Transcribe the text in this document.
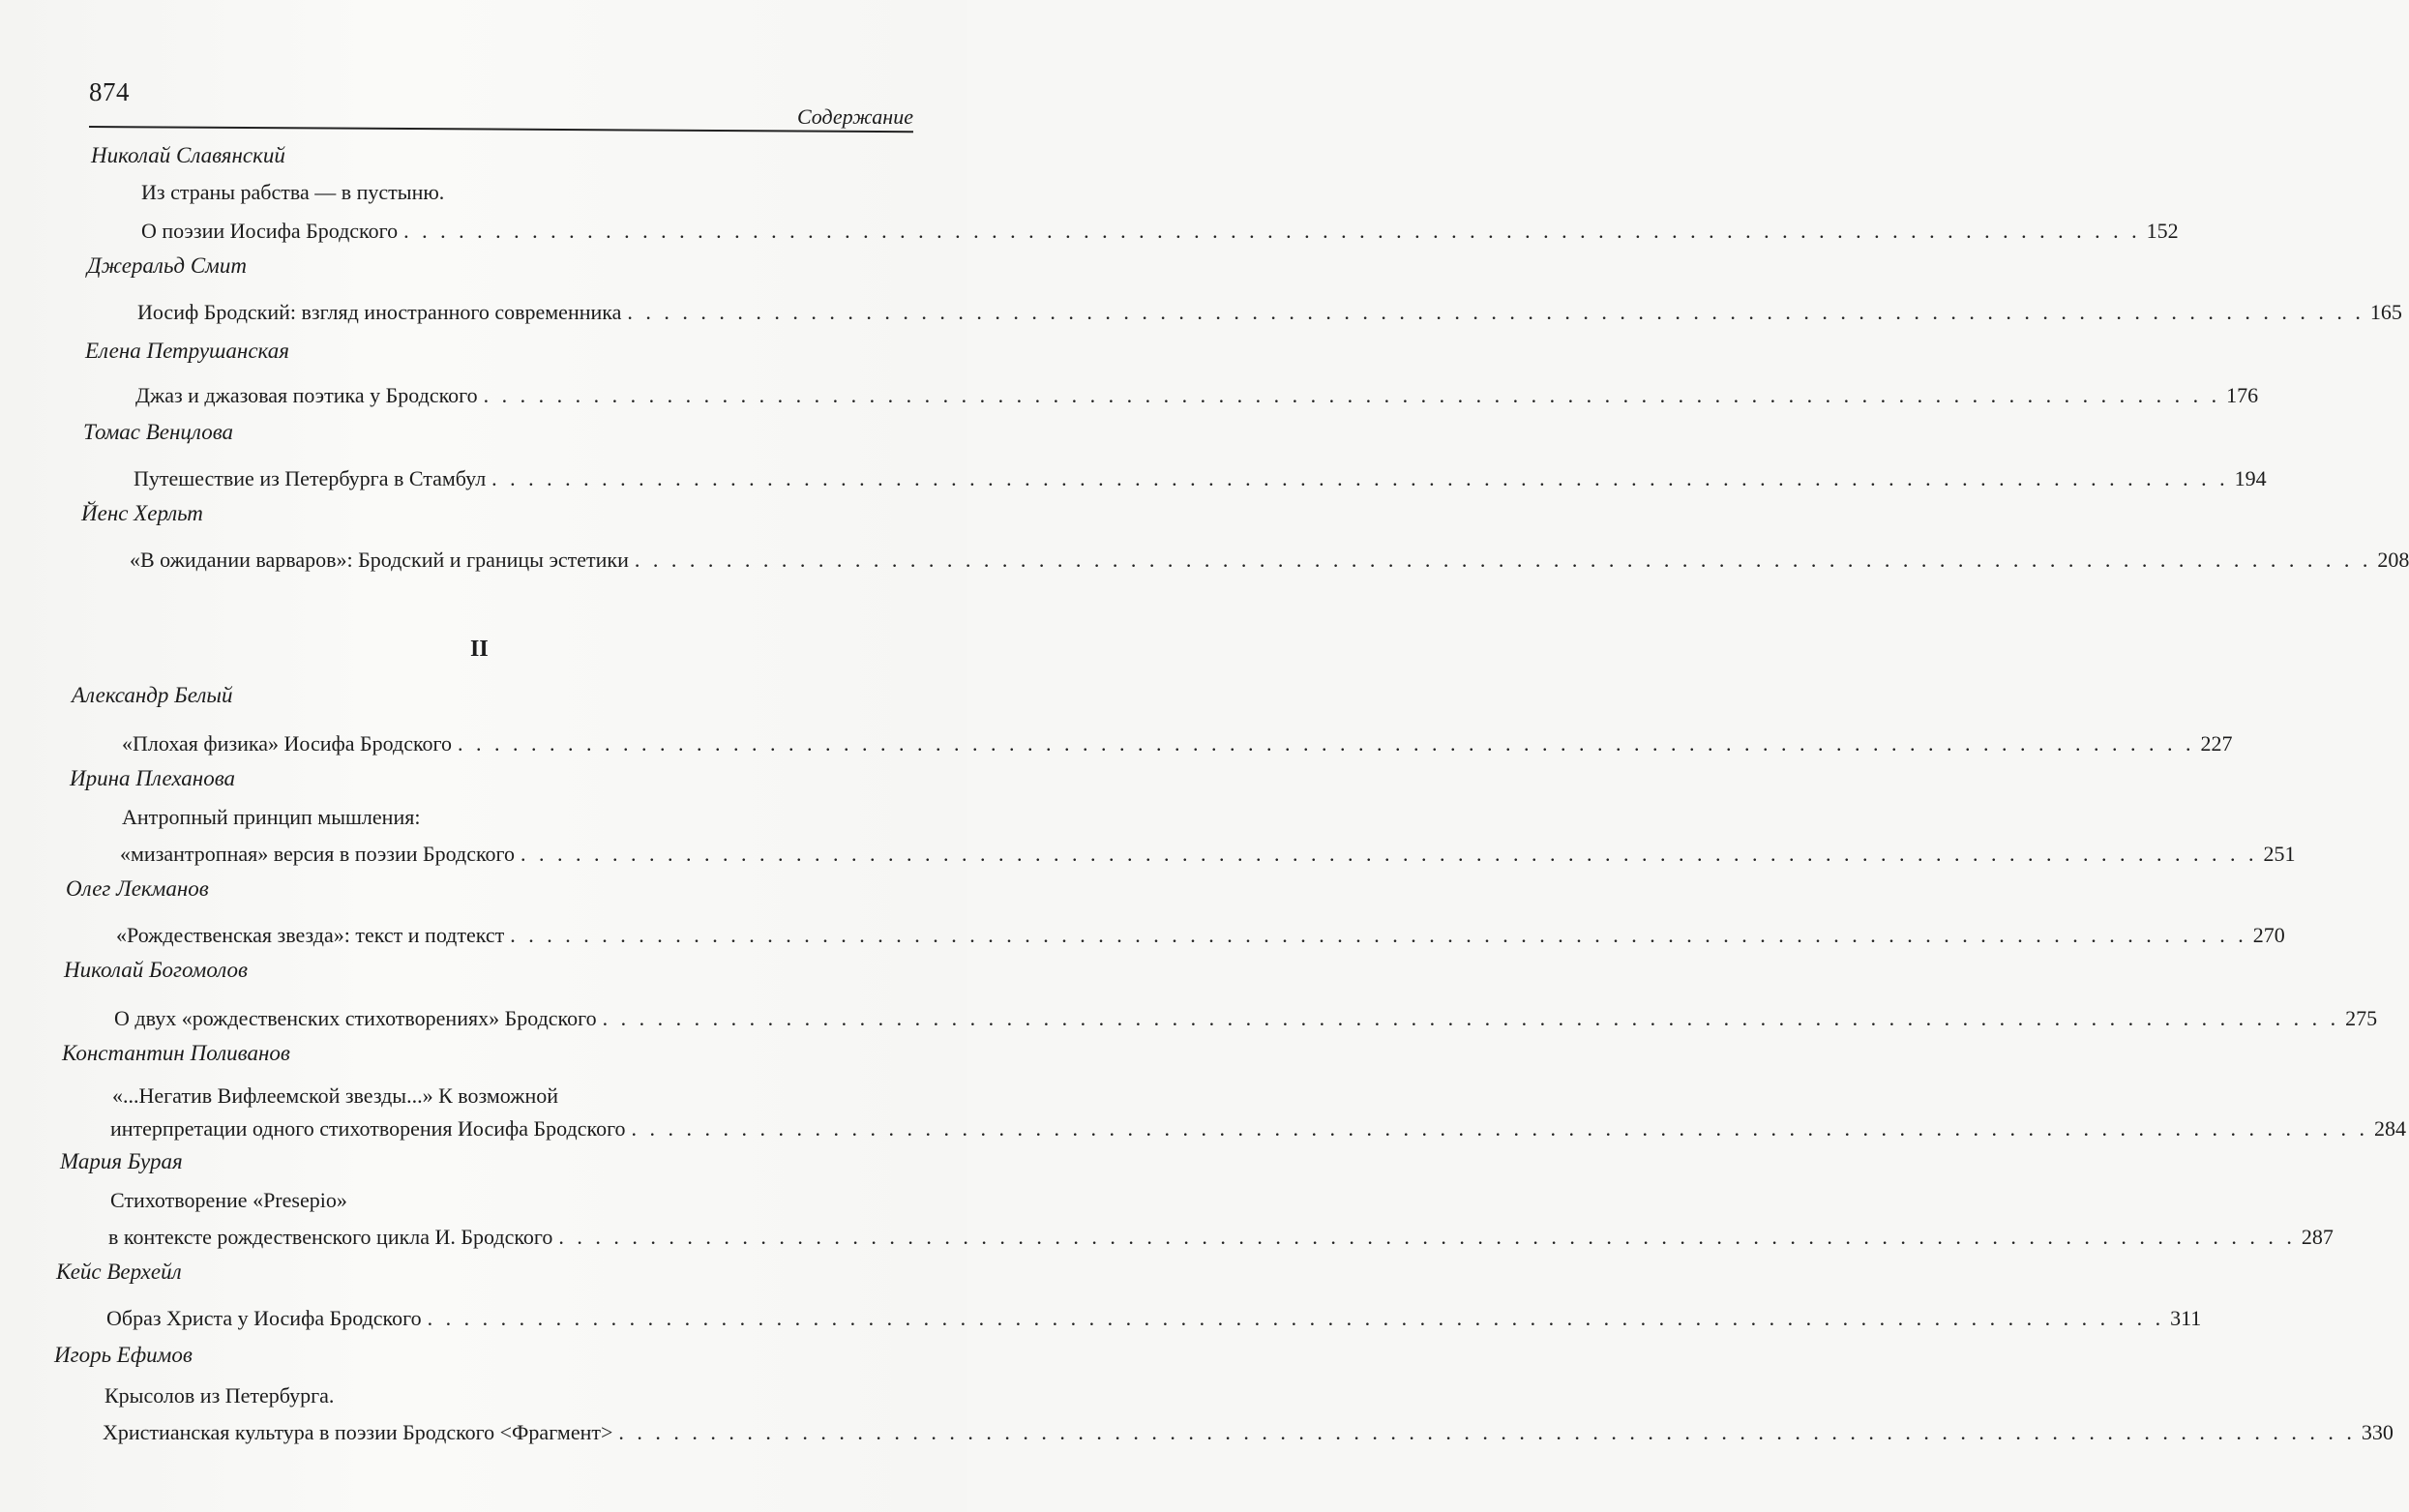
874
Содержание
Николай Славянский
Из страны рабства — в пустыню.
О поэзии Иосифа Бродского . . . . . . . . . . . . . . . . . . . . . . . . . . . . . . . . . . . . . . . . . . . . . . . . . . . . . . . . . . . . . . . . . . . . . . . . . . . . . . . . . . . . . . . . . . . . . . . 152
Джеральд Смит
Иосиф Бродский: взгляд иностранного современника . . . . . . . . . . . . . . . . . . . . . . . . . . . . . . . . . . . . . . . . . . . . . . . . . . . . . . . . . . . . . . . . . . . . . . . . . . . . . . . . . . . . . . . . . . . . . . . 165
Елена Петрушанская
Джаз и джазовая поэтика у Бродского . . . . . . . . . . . . . . . . . . . . . . . . . . . . . . . . . . . . . . . . . . . . . . . . . . . . . . . . . . . . . . . . . . . . . . . . . . . . . . . . . . . . . . . . . . . . . . . 176
Томас Венцлова
Путешествие из Петербурга в Стамбул . . . . . . . . . . . . . . . . . . . . . . . . . . . . . . . . . . . . . . . . . . . . . . . . . . . . . . . . . . . . . . . . . . . . . . . . . . . . . . . . . . . . . . . . . . . . . . . 194
Йенс Херльт
«В ожидании варваров»: Бродский и границы эстетики . . . . . . . . . . . . . . . . . . . . . . . . . . . . . . . . . . . . . . . . . . . . . . . . . . . . . . . . . . . . . . . . . . . . . . . . . . . . . . . . . . . . . . . . . . . . . . . 208
II
Александр Белый
«Плохая физика» Иосифа Бродского . . . . . . . . . . . . . . . . . . . . . . . . . . . . . . . . . . . . . . . . . . . . . . . . . . . . . . . . . . . . . . . . . . . . . . . . . . . . . . . . . . . . . . . . . . . . . . . 227
Ирина Плеханова
Антропный принцип мышления:
«мизантропная» версия в поэзии Бродского . . . . . . . . . . . . . . . . . . . . . . . . . . . . . . . . . . . . . . . . . . . . . . . . . . . . . . . . . . . . . . . . . . . . . . . . . . . . . . . . . . . . . . . . . . . . . . . 251
Олег Лекманов
«Рождественская звезда»: текст и подтекст . . . . . . . . . . . . . . . . . . . . . . . . . . . . . . . . . . . . . . . . . . . . . . . . . . . . . . . . . . . . . . . . . . . . . . . . . . . . . . . . . . . . . . . . . . . . . . . 270
Николай Богомолов
О двух «рождественских стихотворениях» Бродского . . . . . . . . . . . . . . . . . . . . . . . . . . . . . . . . . . . . . . . . . . . . . . . . . . . . . . . . . . . . . . . . . . . . . . . . . . . . . . . . . . . . . . . . . . . . . . . 275
Константин Поливанов
«...Негатив Вифлеемской звезды...» К возможной
интерпретации одного стихотворения Иосифа Бродского . . . . . . . . . . . . . . . . . . . . . . . . . . . . . . . . . . . . . . . . . . . . . . . . . . . . . . . . . . . . . . . . . . . . . . . . . . . . . . . . . . . . . . . . . . . . . . . 284
Мария Бурая
Стихотворение «Presepio»
в контексте рождественского цикла И. Бродского . . . . . . . . . . . . . . . . . . . . . . . . . . . . . . . . . . . . . . . . . . . . . . . . . . . . . . . . . . . . . . . . . . . . . . . . . . . . . . . . . . . . . . . . . . . . . . . 287
Кейс Верхейл
Образ Христа у Иосифа Бродского . . . . . . . . . . . . . . . . . . . . . . . . . . . . . . . . . . . . . . . . . . . . . . . . . . . . . . . . . . . . . . . . . . . . . . . . . . . . . . . . . . . . . . . . . . . . . . . 311
Игорь Ефимов
Крысолов из Петербурга.
Христианская культура в поэзии Бродского <Фрагмент> . . . . . . . . . . . . . . . . . . . . . . . . . . . . . . . . . . . . . . . . . . . . . . . . . . . . . . . . . . . . . . . . . . . . . . . . . . . . . . . . . . . . . . . . . . . . . . . 330
